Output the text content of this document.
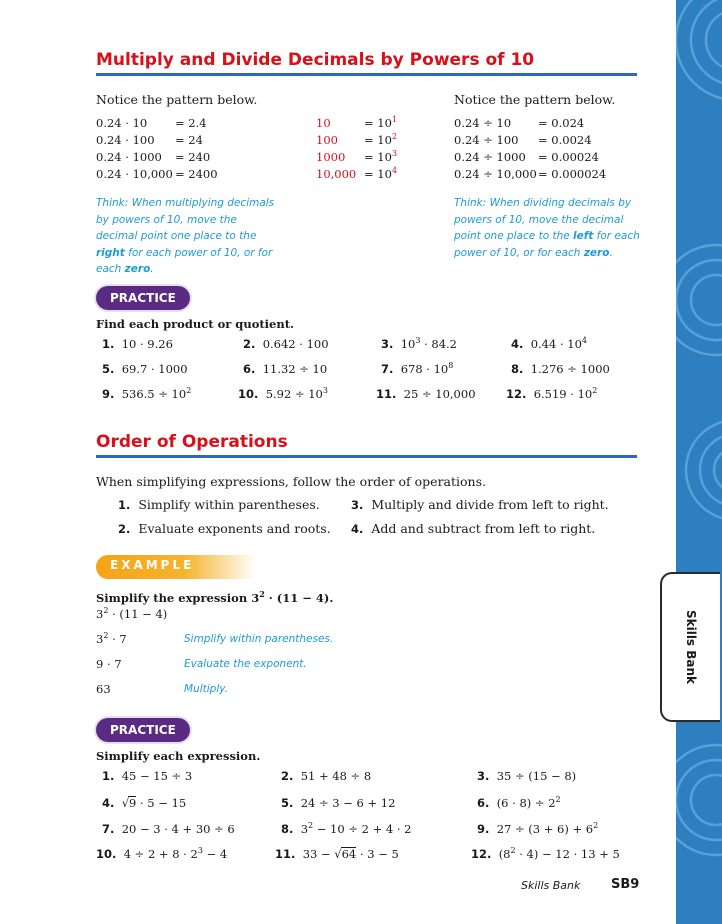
Skills Bank
Multiply and Divide Decimals by Powers of 10
Notice the pattern below.	Notice the pattern below.
0.24 · 10 = 2.4
0.24 · 100 = 24
0.24 · 1000 = 240
0.24 · 10,000 = 2400
10	= $10^1$
$100 = 10^2$
$1000 = 10^3$
$10,000 = 10^4$
0.24 ÷ 10 = 0.024
0.24 ÷ 100 = 0.0024
0.24 ÷ 1000 = 0.00024
0.24 ÷ 10,000 = 0.000024
Think: When multiplying decimals by powers of 10, move the decimal point one place to the right for each power of 10, or for each zero.
Think: When dividing decimals by powers of 10, move the decimal point one place to the left for each power of 10, or for each zero.
PRACTICE
Find each product or quotient.
1. 10 · 9.26	2. 0.642 · 100	3. $10^3 \cdot 84.2$	4. $0.44 \cdot 10^4$
5. 69.7 · 1000	6. 11.32 ÷ 10	7. $678 \cdot 10^8$	8. 1.276 ÷ 1000
9. $536.5 \div 10^2$	10. $5.92 \div 10^3$	11. 25 ÷ 10,000	12. $6.519 \cdot 10^2$
Order of Operations
When simplifying expressions, follow the order of operations.
1. Simplify within parentheses.
2. Evaluate exponents and roots.
3. Multiply and divide from left to right.
4. Add and subtract from left to right.
EXAMPLE
Simplify the expression $3^2 \cdot (11 - 4)$.
$3^2 \cdot (11 - 4)$
$3^2 \cdot 7$	Simplify within parentheses.
9 · 7	Evaluate the exponent.
63	Multiply.
PRACTICE
Simplify each expression.
1. 45 − 15 ÷ 3	2. 51 + 48 ÷ 8	3. 35 ÷ (15 − 8)
4. √9 · 5 − 15	5. 24 ÷ 3 − 6 + 12	6. $(6 \cdot 8) \div 2^2$
7. 20 − 3 · 4 + 30 ÷ 6	8. $3^2 - 10 \div 2 + 4 \cdot 2$	9. $27 \div (3 + 6) + 6^2$
10. $4 \div 2 + 8 \cdot 2^3 - 4$	11. 33 − √64 · 3 − 5	12. $(8^2 \cdot 4) - 12 \cdot 13 + 5$
Skills Bank SB9
